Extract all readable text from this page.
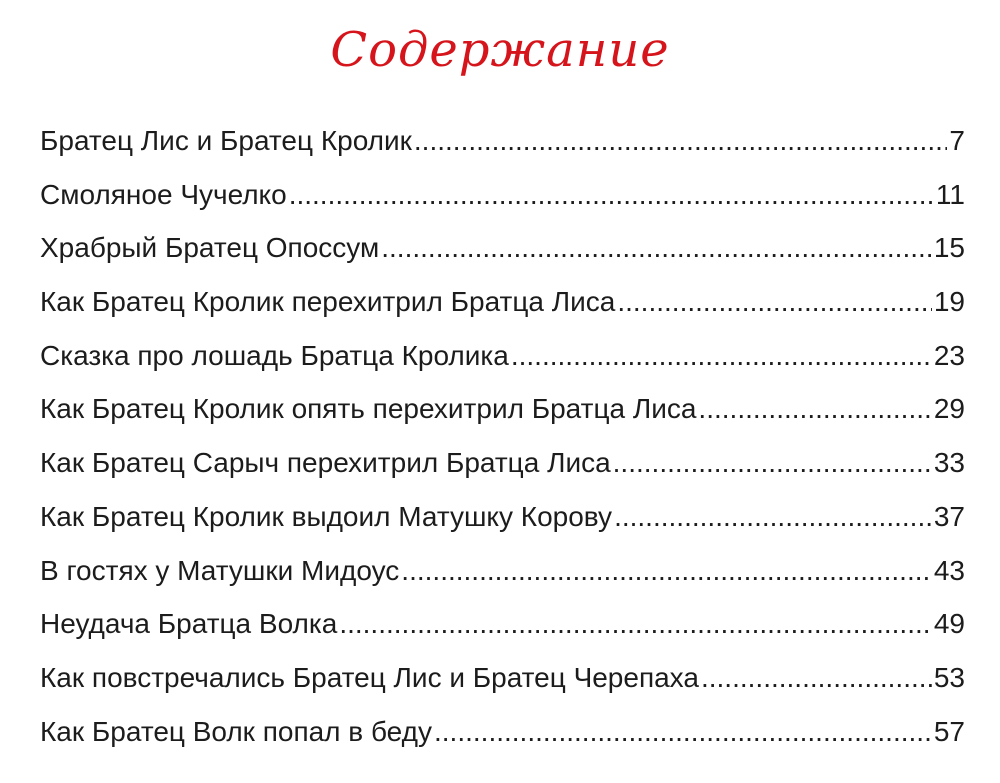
Содержание
Братец Лис и Братец Кролик .....	7
Смоляное Чучелко .....	11
Храбрый Братец Опоссум .....	15
Как Братец Кролик перехитрил Братца Лиса .....	19
Сказка про лошадь Братца Кролика .....	23
Как Братец Кролик опять перехитрил Братца Лиса .....	29
Как Братец Сарыч перехитрил Братца Лиса .....	33
Как Братец Кролик выдоил Матушку Корову .....	37
В гостях у Матушки Мидоус .....	43
Неудача Братца Волка .....	49
Как повстречались Братец Лис и Братец Черепаха .....	53
Как Братец Волк попал в беду .....	57
